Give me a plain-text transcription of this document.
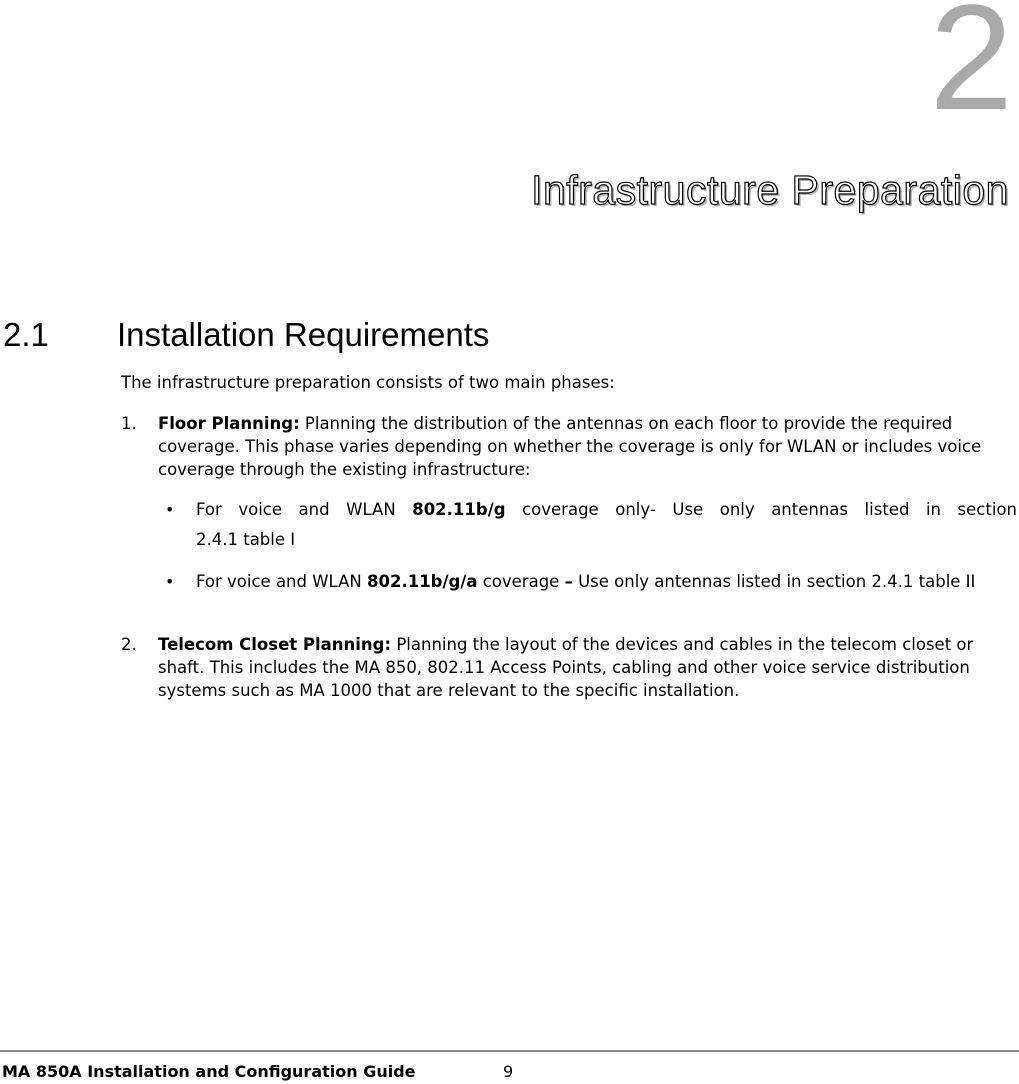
2
Infrastructure Preparation
2.1 Installation Requirements
The infrastructure preparation consists of two main phases:
1. Floor Planning: Planning the distribution of the antennas on each floor to provide the required coverage. This phase varies depending on whether the coverage is only for WLAN or includes voice coverage through the existing infrastructure:
• For voice and WLAN 802.11b/g coverage only- Use only antennas listed in section
2.4.1 table I
• For voice and WLAN 802.11b/g/a coverage – Use only antennas listed in section 2.4.1 table II
2. Telecom Closet Planning: Planning the layout of the devices and cables in the telecom closet or shaft. This includes the MA 850, 802.11 Access Points, cabling and other voice service distribution systems such as MA 1000 that are relevant to the specific installation.
MA 850A Installation and Configuration Guide	9
